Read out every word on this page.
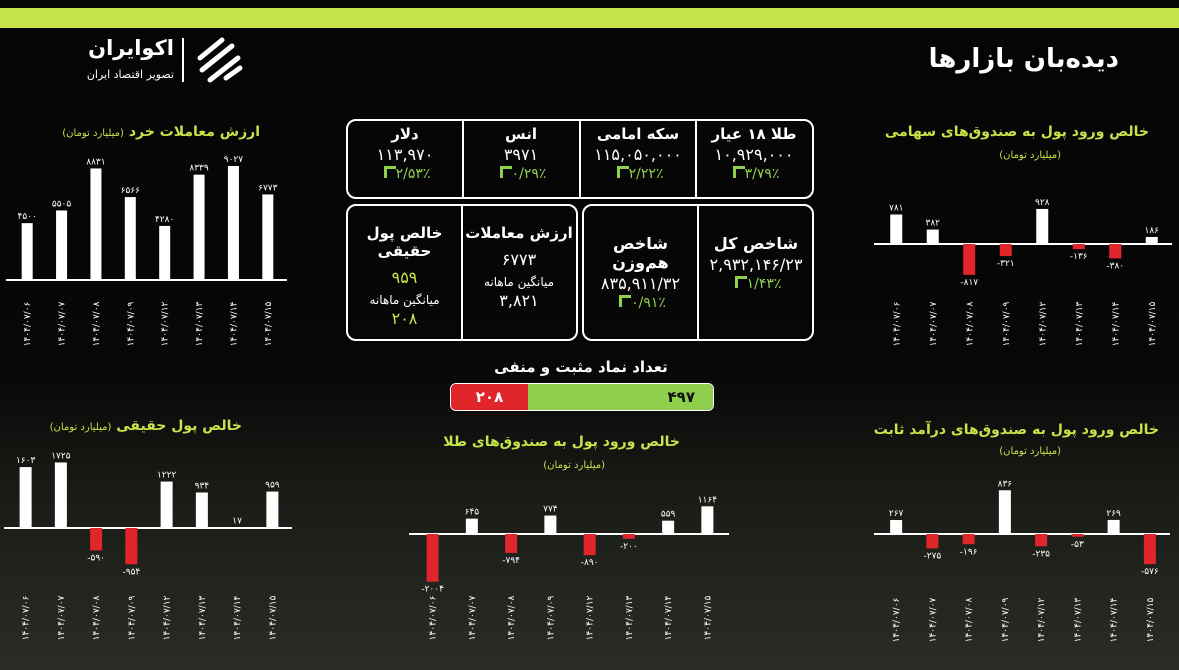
اکوایران
تصویر اقتصاد ایران
دیده‌بان بازارها
ارزش معاملات خرد (میلیارد تومان)
۴۵۰۰
۱۴۰۴/۰۷/۰۶
۵۵۰۵
۱۴۰۴/۰۷/۰۷
۸۸۳۱
۱۴۰۴/۰۷/۰۸
۶۵۶۶
۱۴۰۴/۰۷/۰۹
۴۲۸۰
۱۴۰۴/۰۷/۱۲
۸۳۳۹
۱۴۰۴/۰۷/۱۳
۹۰۲۷
۱۴۰۴/۰۷/۱۴
۶۷۷۳
۱۴۰۴/۰۷/۱۵
خالص ورود پول به صندوق‌های سهامی
(میلیارد تومان)
۷۸۱
۱۴۰۴/۰۷/۰۶
۳۸۲
۱۴۰۴/۰۷/۰۷
-۸۱۷
۱۴۰۴/۰۷/۰۸
-۳۲۱
۱۴۰۴/۰۷/۰۹
۹۲۸
۱۴۰۴/۰۷/۱۲
-۱۳۶
۱۴۰۴/۰۷/۱۳
-۳۸۰
۱۴۰۴/۰۷/۱۴
۱۸۶
۱۴۰۴/۰۷/۱۵
خالص پول حقیقی (میلیارد تومان)
۱۶۰۳
۱۴۰۴/۰۷/۰۶
۱۷۲۵
۱۴۰۴/۰۷/۰۷
-۵۹۰
۱۴۰۴/۰۷/۰۸
-۹۵۴
۱۴۰۴/۰۷/۰۹
۱۲۲۲
۱۴۰۴/۰۷/۱۲
۹۳۴
۱۴۰۴/۰۷/۱۳
۱۷
۱۴۰۴/۰۷/۱۴
۹۵۹
۱۴۰۴/۰۷/۱۵
خالص ورود پول به صندوق‌های طلا
(میلیارد تومان)
-۲۰۰۴
۱۴۰۴/۰۷/۰۶
۶۴۵
۱۴۰۴/۰۷/۰۷
-۷۹۴
۱۴۰۴/۰۷/۰۸
۷۷۴
۱۴۰۴/۰۷/۰۹
-۸۹۰
۱۴۰۴/۰۷/۱۲
-۲۰۰
۱۴۰۴/۰۷/۱۳
۵۵۹
۱۴۰۴/۰۷/۱۴
۱۱۶۴
۱۴۰۴/۰۷/۱۵
خالص ورود پول به صندوق‌های درآمد ثابت
(میلیارد تومان)
۲۶۷
۱۴۰۴/۰۷/۰۶
-۲۷۵
۱۴۰۴/۰۷/۰۷
-۱۹۶
۱۴۰۴/۰۷/۰۸
۸۳۶
۱۴۰۴/۰۷/۰۹
-۲۳۵
۱۴۰۴/۰۷/۱۲
-۵۳
۱۴۰۴/۰۷/۱۳
۲۶۹
۱۴۰۴/۰۷/۱۴
-۵۷۶
۱۴۰۴/۰۷/۱۵
طلا ۱۸ عیار
۱۰,۹۲۹,۰۰۰
۳/۷۹٪
سکه امامی
۱۱۵,۰۵۰,۰۰۰
۲/۲۲٪
انس
۳۹۷۱
۰/۲۹٪
دلار
۱۱۳,۹۷۰
۲/۵۳٪
ارزش معاملات
۶۷۷۳
میانگین ماهانه
۳,۸۲۱
خالص پول حقیقی
۹۵۹
میانگین ماهانه
۲۰۸
شاخص کل
۲,۹۳۲,۱۴۶/۲۳
۱/۴۳٪
شاخص هم‌وزن
۸۳۵,۹۱۱/۳۲
۰/۹۱٪
تعداد نماد مثبت و منفی
۲۰۸	۴۹۷
